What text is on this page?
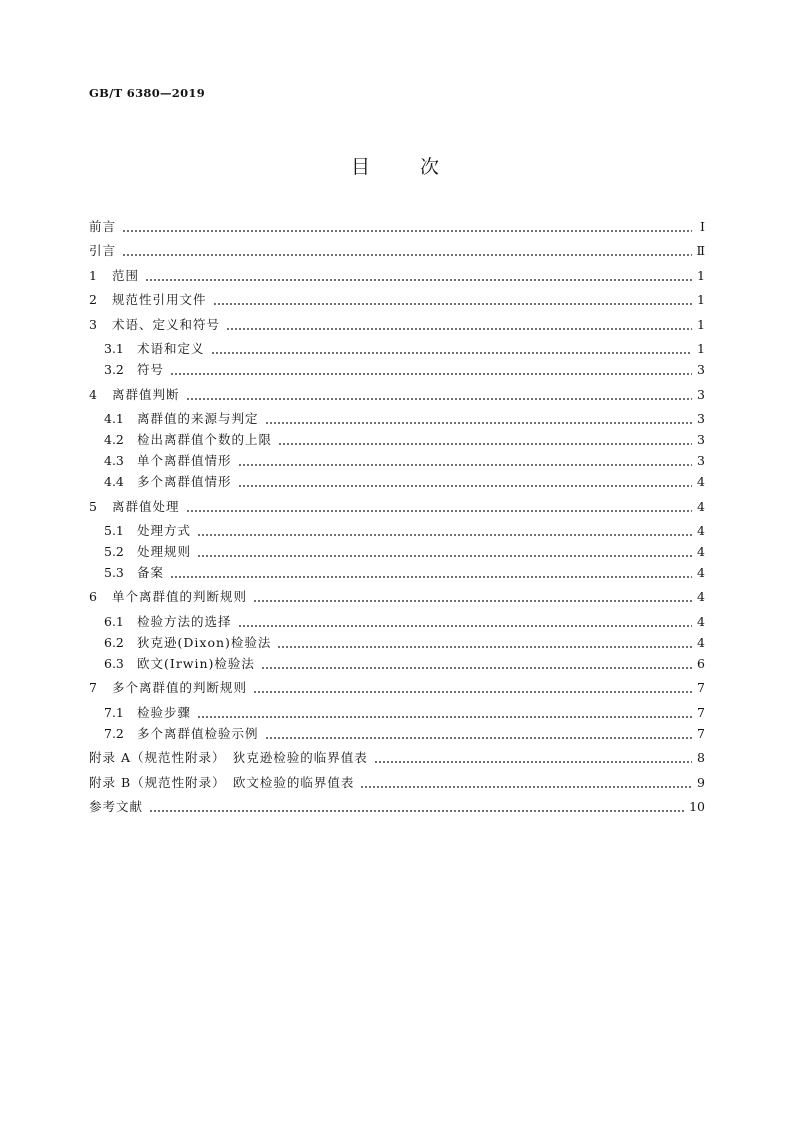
GB/T 6380—2019
目　　次
前言	Ⅰ
引言	Ⅱ
1	范围	1
2	规范性引用文件	1
3	术语、定义和符号	1
3.1	术语和定义	1
3.2	符号	3
4	离群值判断	3
4.1	离群值的来源与判定	3
4.2	检出离群值个数的上限	3
4.3	单个离群值情形	3
4.4	多个离群值情形	4
5	离群值处理	4
5.1	处理方式	4
5.2	处理规则	4
5.3	备案	4
6	单个离群值的判断规则	4
6.1	检验方法的选择	4
6.2	狄克逊(Dixon)检验法	4
6.3	欧文(Irwin)检验法	6
7	多个离群值的判断规则	7
7.1	检验步骤	7
7.2	多个离群值检验示例	7
附录 A（规范性附录）　狄克逊检验的临界值表	8
附录 B（规范性附录）　欧文检验的临界值表	9
参考文献	10
